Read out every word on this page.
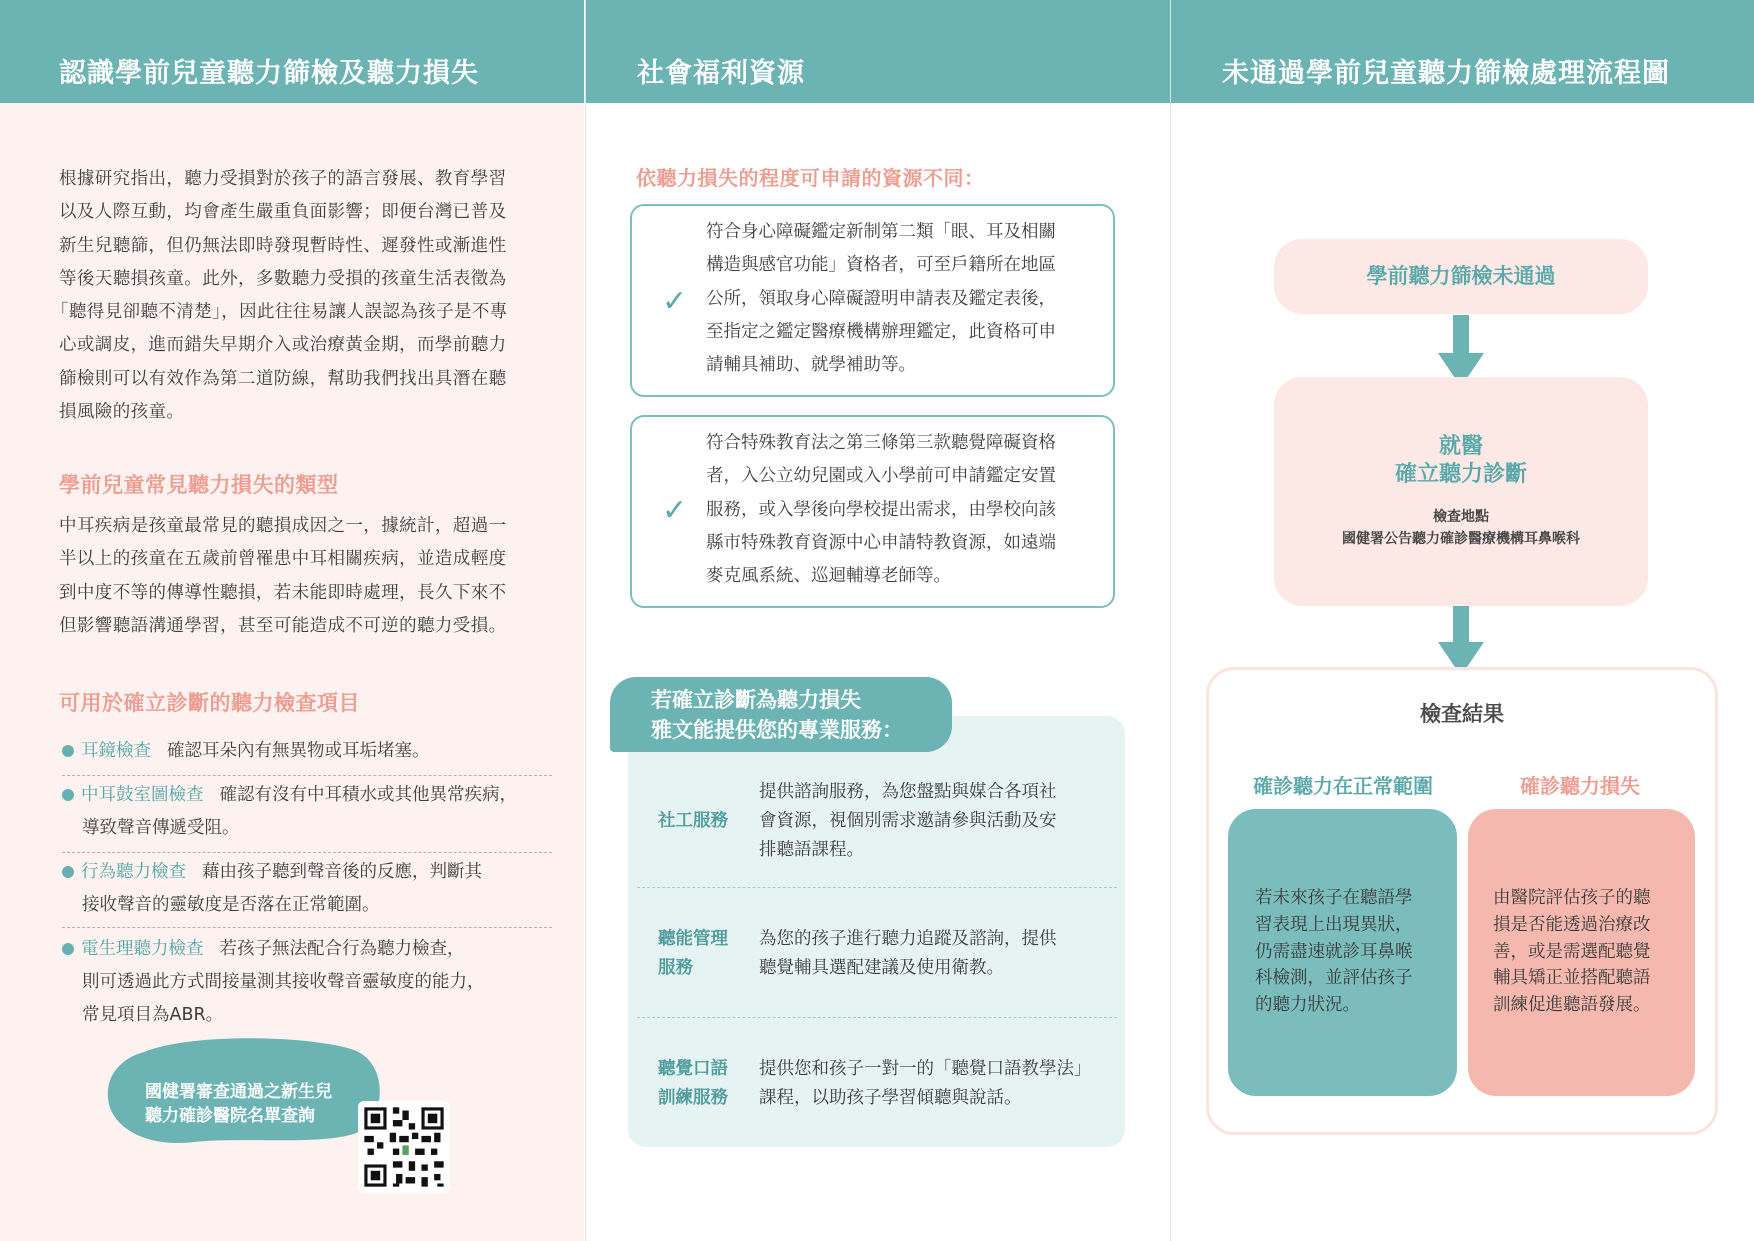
認識學前兒童聽力篩檢及聽力損失
根據研究指出，聽力受損對於孩子的語言發展、教育學習
以及人際互動，均會產生嚴重負面影響；即便台灣已普及
新生兒聽篩，但仍無法即時發現暫時性、遲發性或漸進性
等後天聽損孩童。此外，多數聽力受損的孩童生活表徵為
「聽得見卻聽不清楚」，因此往往易讓人誤認為孩子是不專
心或調皮，進而錯失早期介入或治療黃金期，而學前聽力
篩檢則可以有效作為第二道防線，幫助我們找出具潛在聽
損風險的孩童。
學前兒童常見聽力損失的類型
中耳疾病是孩童最常見的聽損成因之一，據統計，超過一
半以上的孩童在五歲前曾罹患中耳相關疾病，並造成輕度
到中度不等的傳導性聽損，若未能即時處理，長久下來不
但影響聽語溝通學習，甚至可能造成不可逆的聽力受損。
可用於確立診斷的聽力檢查項目
耳鏡檢查 確認耳朵內有無異物或耳垢堵塞。
中耳鼓室圖檢查 確認有沒有中耳積水或其他異常疾病，
導致聲音傳遞受阻。
行為聽力檢查 藉由孩子聽到聲音後的反應，判斷其
接收聲音的靈敏度是否落在正常範圍。
電生理聽力檢查 若孩子無法配合行為聽力檢查，
則可透過此方式間接量測其接收聲音靈敏度的能力，
常見項目為ABR。
國健署審查通過之新生兒
聽力確診醫院名單查詢
社會福利資源
依聽力損失的程度可申請的資源不同：
✓
符合身心障礙鑑定新制第二類「眼、耳及相關
構造與感官功能」資格者，可至戶籍所在地區
公所，領取身心障礙證明申請表及鑑定表後，
至指定之鑑定醫療機構辦理鑑定，此資格可申
請輔具補助、就學補助等。
✓
符合特殊教育法之第三條第三款聽覺障礙資格
者，入公立幼兒園或入小學前可申請鑑定安置
服務，或入學後向學校提出需求，由學校向該
縣市特殊教育資源中心申請特教資源，如遠端
麥克風系統、巡迴輔導老師等。
若確立診斷為聽力損失
雅文能提供您的專業服務：
社工服務
提供諮詢服務，為您盤點與媒合各項社
會資源，視個別需求邀請參與活動及安
排聽語課程。
聽能管理
服務
為您的孩子進行聽力追蹤及諮詢，提供
聽覺輔具選配建議及使用衛教。
聽覺口語
訓練服務
提供您和孩子一對一的「聽覺口語教學法」
課程，以助孩子學習傾聽與說話。
未通過學前兒童聽力篩檢處理流程圖
學前聽力篩檢未通過
就醫
確立聽力診斷
檢查地點
國健署公告聽力確診醫療機構耳鼻喉科
檢查結果
確診聽力在正常範圍	確診聽力損失
若未來孩子在聽語學
習表現上出現異狀，
仍需盡速就診耳鼻喉
科檢測，並評估孩子
的聽力狀況。
由醫院評估孩子的聽
損是否能透過治療改
善，或是需選配聽覺
輔具矯正並搭配聽語
訓練促進聽語發展。
